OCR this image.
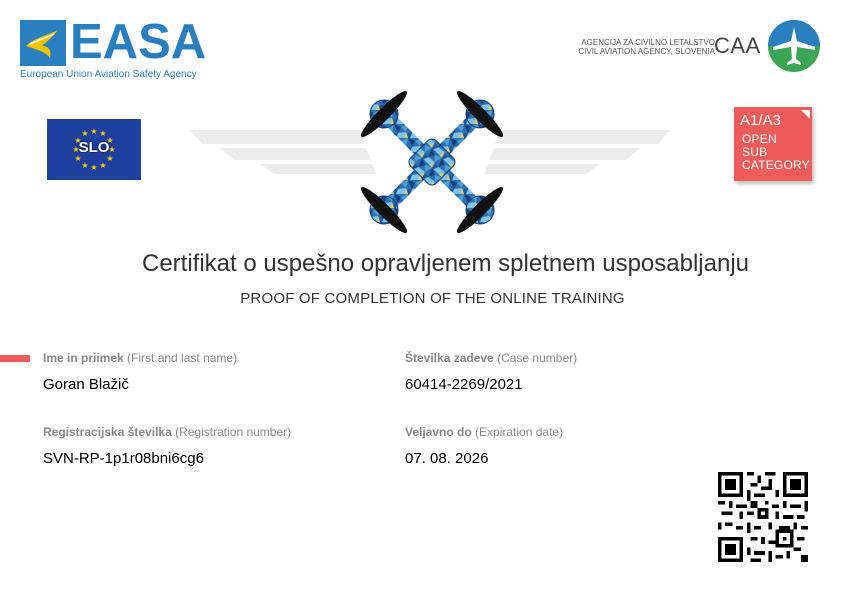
EASA
European Union Aviation Safety Agency
AGENCIJA ZA CIVILNO LETALSTVO
CIVIL AVIATION AGENCY, SLOVENIA CAA
★ ★
★
★
★
★
★
★
★
★
★
★
SLO
A1/A3
OPEN
SUB
CATEGORY
Certifikat o uspešno opravljenem spletnem usposabljanju
PROOF OF COMPLETION OF THE ONLINE TRAINING
Ime in priimek (First and last name)
Goran Blažič
Številka zadeve (Case number)
60414-2269/2021
Registracijska številka (Registration number)
SVN-RP-1p1r08bni6cg6
Veljavno do (Expiration date)
07. 08. 2026
